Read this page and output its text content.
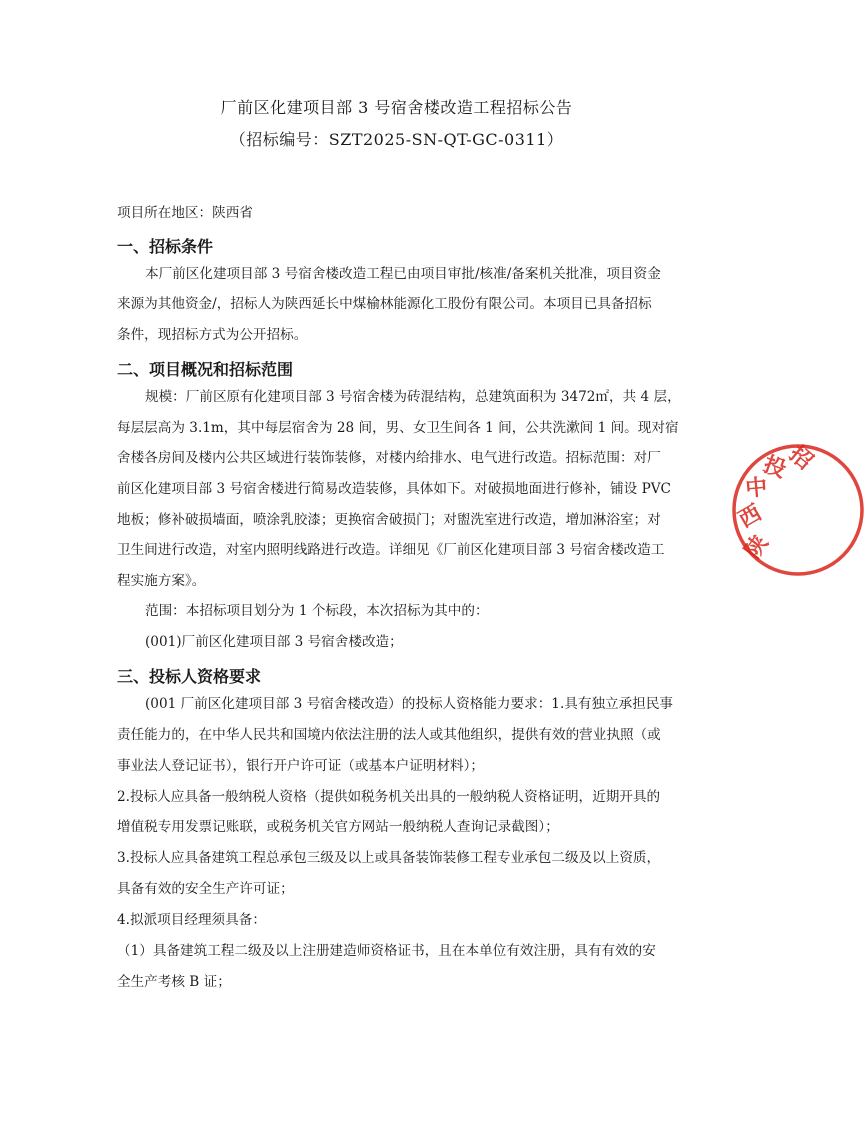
厂前区化建项目部 3 号宿舍楼改造工程招标公告
（招标编号：SZT2025-SN-QT-GC-0311）
项目所在地区：陕西省
一、招标条件
本厂前区化建项目部 3 号宿舍楼改造工程已由项目审批/核准/备案机关批准，项目资金
来源为其他资金/，招标人为陕西延长中煤榆林能源化工股份有限公司。本项目已具备招标
条件，现招标方式为公开招标。
二、项目概况和招标范围
规模：厂前区原有化建项目部 3 号宿舍楼为砖混结构，总建筑面积为 3472㎡，共 4 层，
每层层高为 3.1m，其中每层宿舍为 28 间，男、女卫生间各 1 间，公共洗漱间 1 间。现对宿
舍楼各房间及楼内公共区域进行装饰装修，对楼内给排水、电气进行改造。招标范围：对厂
前区化建项目部 3 号宿舍楼进行简易改造装修，具体如下。对破损地面进行修补，铺设 PVC
地板；修补破损墙面，喷涂乳胶漆；更换宿舍破损门；对盥洗室进行改造，增加淋浴室；对
卫生间进行改造，对室内照明线路进行改造。详细见《厂前区化建项目部 3 号宿舍楼改造工
程实施方案》。
范围：本招标项目划分为 1 个标段，本次招标为其中的：
(001)厂前区化建项目部 3 号宿舍楼改造；
三、投标人资格要求
(001 厂前区化建项目部 3 号宿舍楼改造）的投标人资格能力要求：1.具有独立承担民事
责任能力的，在中华人民共和国境内依法注册的法人或其他组织，提供有效的营业执照（或
事业法人登记证书），银行开户许可证（或基本户证明材料）；
2.投标人应具备一般纳税人资格（提供如税务机关出具的一般纳税人资格证明，近期开具的
增值税专用发票记账联，或税务机关官方网站一般纳税人查询记录截图）；
3.投标人应具备建筑工程总承包三级及以上或具备装饰装修工程专业承包二级及以上资质，
具备有效的安全生产许可证；
4.拟派项目经理须具备：
（1）具备建筑工程二级及以上注册建造师资格证书，且在本单位有效注册，具有有效的安
全生产考核 B 证；
陕
西
中
投
招
